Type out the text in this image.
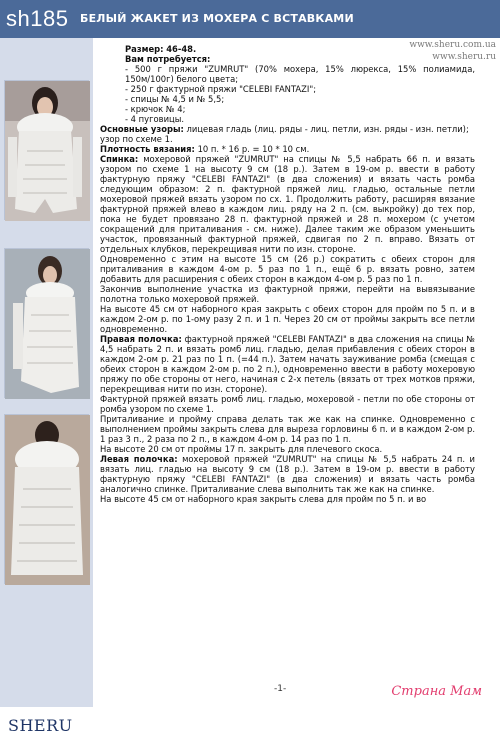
sh185 БЕЛЫЙ ЖАКЕТ ИЗ МОХЕРА С ВСТАВКАМИ
www.sheru.com.ua
www.sheru.ru
SHERU

Размер: 46-48.

Вам потребуется:

- 500 г пряжи "ZUMRUT" (70% мохера, 15% люрекса, 15% полиамида, 150м/100г) белого цвета;

- 250 г фактурной пряжи "CELEBI FANTAZI";

- спицы № 4,5 и № 5,5;

- крючок № 4;

- 4 пуговицы.

Основные узоры: лицевая гладь (лиц. ряды - лиц. петли, изн. ряды - изн. петли);

узор по схеме 1.

Плотность вязания: 10 п. * 16 р. = 10 * 10 см.

Спинка: мохеровой пряжей "ZUMRUT" на спицы № 5,5 набрать 66 п. и вязать узором по схеме 1 на высоту 9 см (18 р.). Затем в 19-ом р. ввести в работу фактурную пряжу "CELEBI FANTAZI" (в два сложения) и вязать часть ромба следующим образом: 2 п. фактурной пряжей лиц. гладью, остальные петли мохеровой пряжей вязать узором по сх. 1. Продолжить работу, расширяя вязание фактурной пряжей влево в каждом лиц. ряду на 2 п. (см. выкройку) до тех пор, пока не будет провязано 28 п. фактурной пряжей и 28 п. мохером (с учетом сокращений для приталивания - см. ниже). Далее таким же образом уменьшить участок, провязанный фактурной пряжей, сдвигая по 2 п. вправо. Вязать от отдельных клубков, перекрещивая нити по изн. стороне.

Одновременно с этим на высоте 15 см (26 р.) сократить с обеих сторон для приталивания в каждом 4-ом р. 5 раз по 1 п., ещё 6 р. вязать ровно, затем добавить для расширения с обеих сторон в каждом 4-ом р. 5 раз по 1 п.

Закончив выполнение участка из фактурной пряжи, перейти на вывязывание полотна только мохеровой пряжей.

На высоте 45 см от наборного края закрыть с обеих сторон для пройм по 5 п. и в каждом 2-ом р. по 1-ому разу 2 п. и 1 п. Через 20 см от проймы закрыть все петли одновременно.

Правая полочка: фактурной пряжей "CELEBI FANTAZI" в два сложения на спицы № 4,5 набрать 2 п. и вязать ромб лиц. гладью, делая прибавления с обеих сторон в каждом 2-ом р. 21 раз по 1 п. (=44 п.). Затем начать зауживание ромба (смещая с обеих сторон в каждом 2-ом р. по 2 п.), одновременно ввести в работу мохеровую пряжу по обе стороны от него, начиная с 2-х петель (вязать от трех мотков пряжи, перекрещивая нити по изн. стороне).

Фактурной пряжей вязать ромб лиц. гладью, мохеровой - петли по обе стороны от ромба узором по схеме 1.

Приталивание и пройму справа делать так же как на спинке. Одновременно с выполнением проймы закрыть слева для выреза горловины 6 п. и в каждом 2-ом р. 1 раз 3 п., 2 раза по 2 п., в каждом 4-ом р. 14 раз по 1 п.

На высоте 20 см от проймы 17 п. закрыть для плечевого скоса.

Левая полочка: мохеровой пряжей "ZUMRUT" на спицы № 5,5 набрать 24 п. и вязать лиц. гладью на высоту 9 см (18 р.). Затем в 19-ом р. ввести в работу фактурную пряжу "CELEBI FANTAZI" (в два сложения) и вязать часть ромба аналогично спинке. Приталивание слева выполнить так же как на спинке.

На высоте 45 см от наборного края закрыть слева для пройм по 5 п. и во

-1-	Страна Мам
